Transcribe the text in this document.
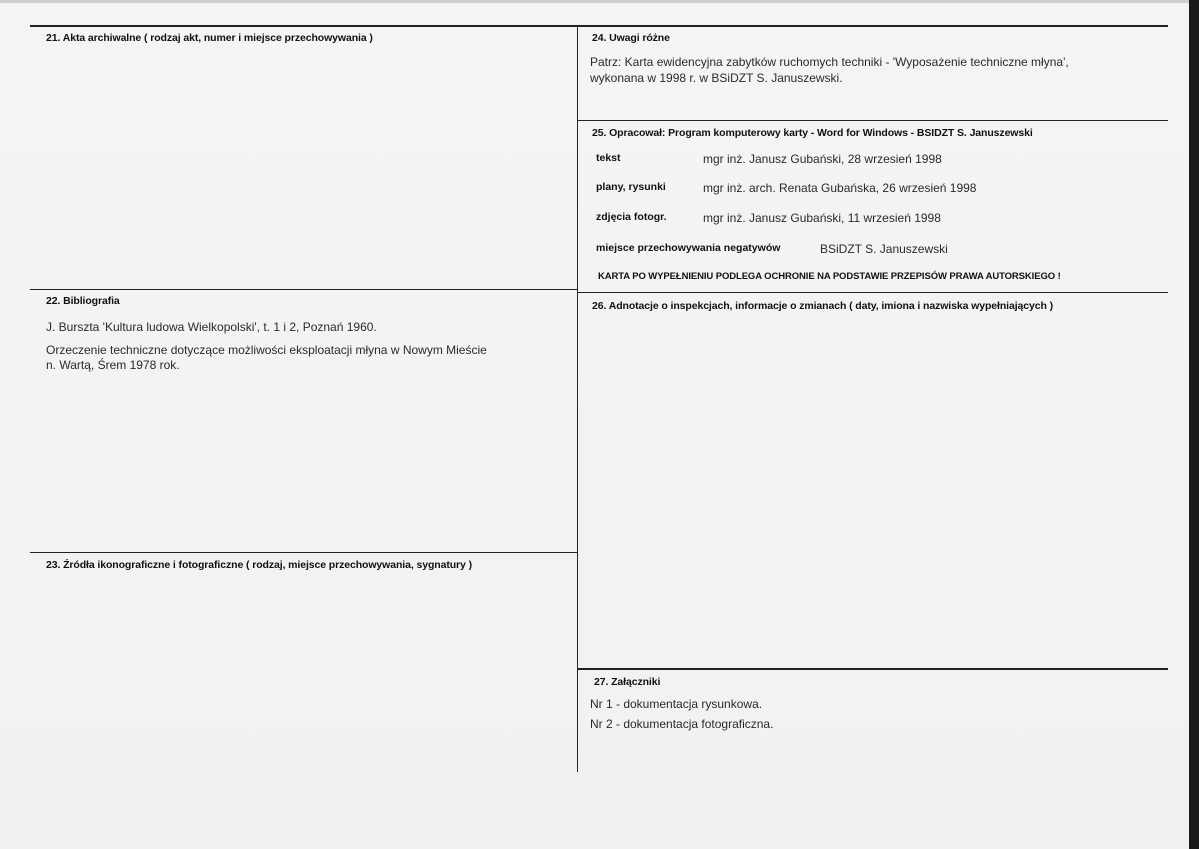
21. Akta archiwalne ( rodzaj akt, numer i miejsce przechowywania )
22. Bibliografia
J. Burszta 'Kultura ludowa Wielkopolski', t. 1 i 2, Poznań 1960.
Orzeczenie techniczne dotyczące możliwości eksploatacji młyna w Nowym Mieście
n. Wartą, Śrem 1978 rok.
23. Źródła ikonograficzne i fotograficzne ( rodzaj, miejsce przechowywania, sygnatury )
24. Uwagi różne
Patrz: Karta ewidencyjna zabytków ruchomych techniki - 'Wyposażenie techniczne młyna',
wykonana w 1998 r. w BSiDZT S. Januszewski.
25. Opracował: Program komputerowy karty - Word for Windows - BSIDZT S. Januszewski
tekst	mgr inż. Janusz Gubański, 28 wrzesień 1998
plany, rysunki	mgr inż. arch. Renata Gubańska, 26 wrzesień 1998
zdjęcia fotogr.	mgr inż. Janusz Gubański, 11 wrzesień 1998
miejsce przechowywania negatywów	BSiDZT S. Januszewski
KARTA PO WYPEŁNIENIU PODLEGA OCHRONIE NA PODSTAWIE PRZEPISÓW PRAWA AUTORSKIEGO !
26. Adnotacje o inspekcjach, informacje o zmianach ( daty, imiona i nazwiska wypełniających )
27. Załączniki
Nr 1 - dokumentacja rysunkowa.
Nr 2 - dokumentacja fotograficzna.
